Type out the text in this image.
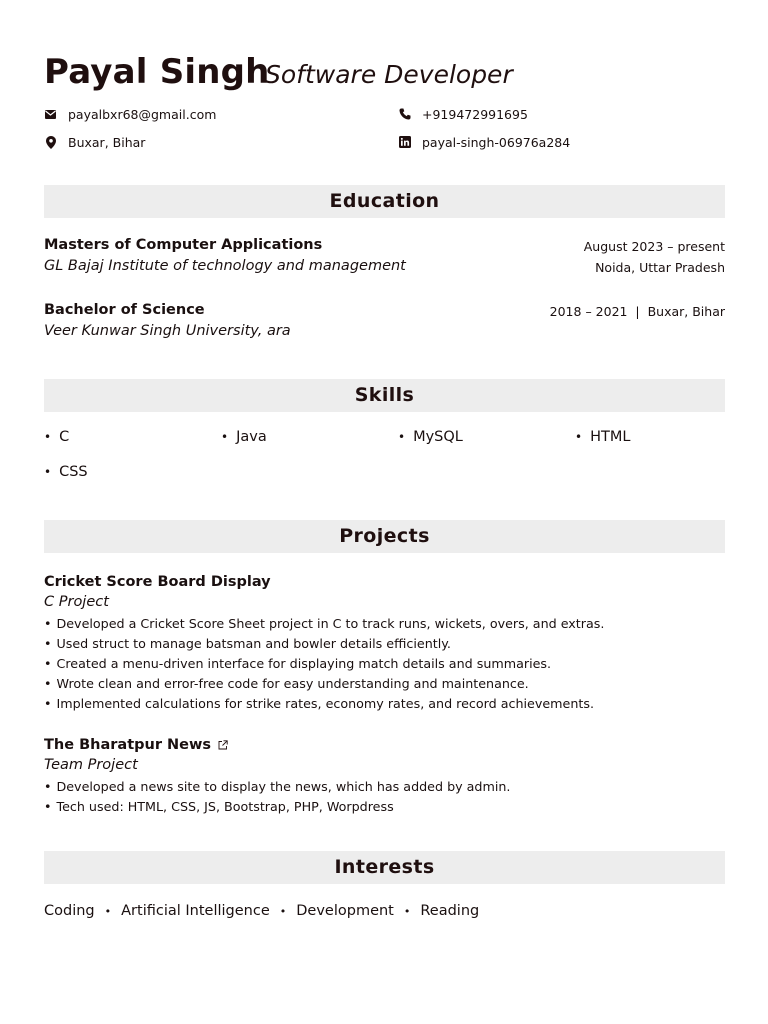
Payal Singh
Software Developer
payalbxr68@gmail.com	+919472991695
Buxar, Bihar	payal-singh-06976a284
Education
Masters of Computer Applications
GL Bajaj Institute of technology and management
August 2023 – present
Noida, Uttar Pradesh
Bachelor of Science
Veer Kunwar Singh University, ara
2018 – 2021  |  Buxar, Bihar
Skills
• C	• Java	• MySQL	• HTML
• CSS
Projects
Cricket Score Board Display
C Project
• Developed a Cricket Score Sheet project in C to track runs, wickets, overs, and extras.
• Used struct to manage batsman and bowler details efficiently.
• Created a menu-driven interface for displaying match details and summaries.
• Wrote clean and error-free code for easy understanding and maintenance.
• Implemented calculations for strike rates, economy rates, and record achievements.
The Bharatpur News
Team Project
• Developed a news site to display the news, which has added by admin.
• Tech used: HTML, CSS, JS, Bootstrap, PHP, Worpdress
Interests
Coding • Artificial Intelligence • Development • Reading
